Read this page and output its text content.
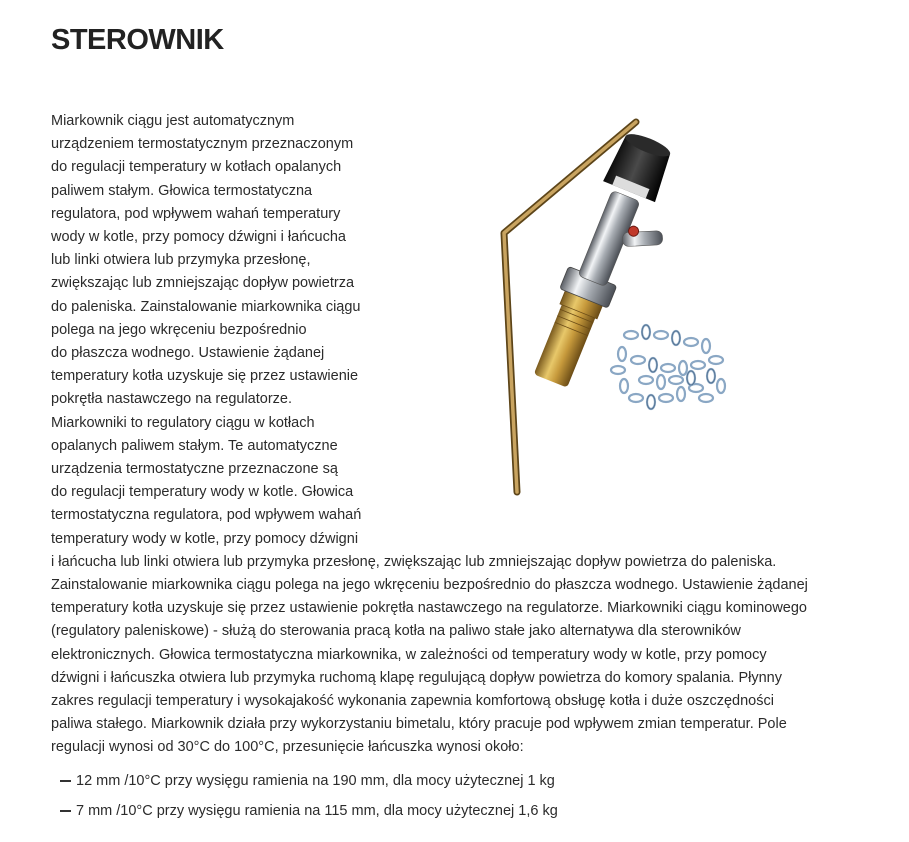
STEROWNIK

Miarkownik ciągu jest automatycznym
urządzeniem termostatycznym przeznaczonym
do regulacji temperatury w kotłach opalanych
paliwem stałym. Głowica termostatyczna
regulatora, pod wpływem wahań temperatury
wody w kotle, przy pomocy dźwigni i łańcucha
lub linki otwiera lub przymyka przesłonę,
zwiększając lub zmniejszając dopływ powietrza
do paleniska. Zainstalowanie miarkownika ciągu
polega na jego wkręceniu bezpośrednio
do płaszcza wodnego. Ustawienie żądanej
temperatury kotła uzyskuje się przez ustawienie
pokrętła nastawczego na regulatorze.
Miarkowniki to regulatory ciągu w kotłach
opalanych paliwem stałym. Te automatyczne
urządzenia termostatyczne przeznaczone są
do regulacji temperatury wody w kotle. Głowica
termostatyczna regulatora, pod wpływem wahań
temperatury wody w kotle, przy pomocy dźwigni
i łańcucha lub linki otwiera lub przymyka przesłonę, zwiększając lub zmniejszając dopływ powietrza do paleniska.
Zainstalowanie miarkownika ciągu polega na jego wkręceniu bezpośrednio do płaszcza wodnego. Ustawienie żądanej
temperatury kotła uzyskuje się przez ustawienie pokrętła nastawczego na regulatorze. Miarkowniki ciągu kominowego
(regulatory paleniskowe) - służą do sterowania pracą kotła na paliwo stałe jako alternatywa dla sterowników
elektronicznych. Głowica termostatyczna miarkownika, w zależności od temperatury wody w kotle, przy pomocy
dźwigni i łańcuszka otwiera lub przymyka ruchomą klapę regulującą dopływ powietrza do komory spalania. Płynny
zakres regulacji temperatury i wysokajakość wykonania zapewnia komfortową obsługę kotła i duże oszczędności
paliwa stałego. Miarkownik działa przy wykorzystaniu bimetalu, który pracuje pod wpływem zmian temperatur. Pole
regulacji wynosi od 30°C do 100°C, przesunięcie łańcuszka wynosi około:

12 mm /10°C przy wysięgu ramienia na 190 mm, dla mocy użytecznej 1 kg
7 mm /10°C przy wysięgu ramienia na 115 mm, dla mocy użytecznej 1,6 kg
